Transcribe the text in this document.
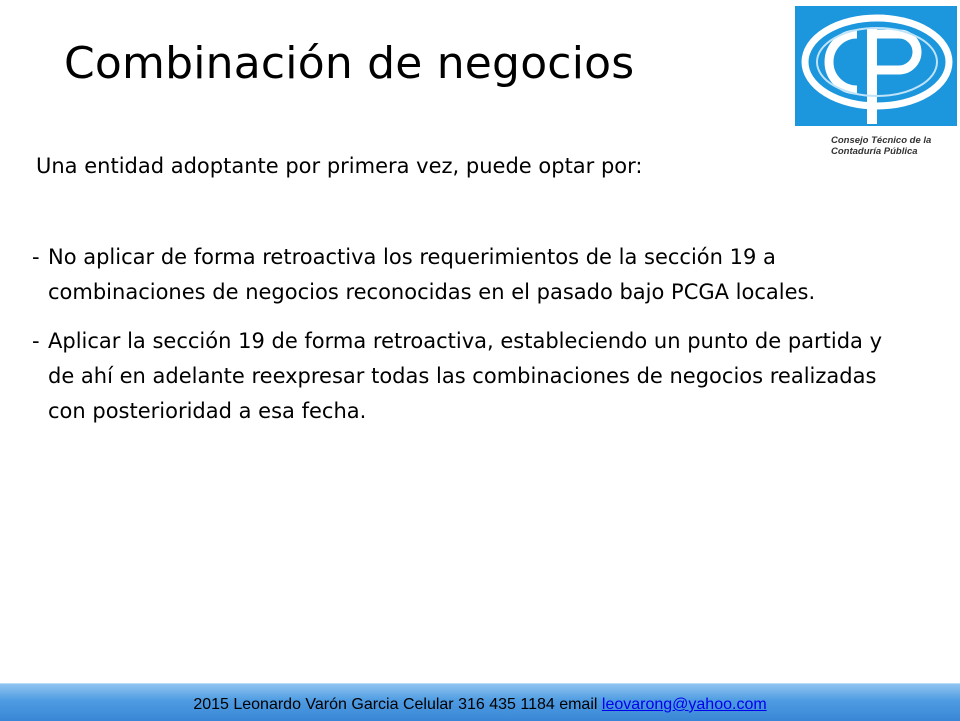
Combinación de negocios
Consejo Técnico de la
Contaduría Pública

Una entidad adoptante por primera vez, puede optar por:

- No aplicar de forma retroactiva los requerimientos de la sección 19 a combinaciones de negocios reconocidas en el pasado bajo PCGA locales.
- Aplicar la sección 19 de forma retroactiva, estableciendo un punto de partida y de ahí en adelante reexpresar todas las combinaciones de negocios realizadas con posterioridad a esa fecha.
2015 Leonardo Varón Garcia Celular 316 435 1184 email leovarong@yahoo.com
